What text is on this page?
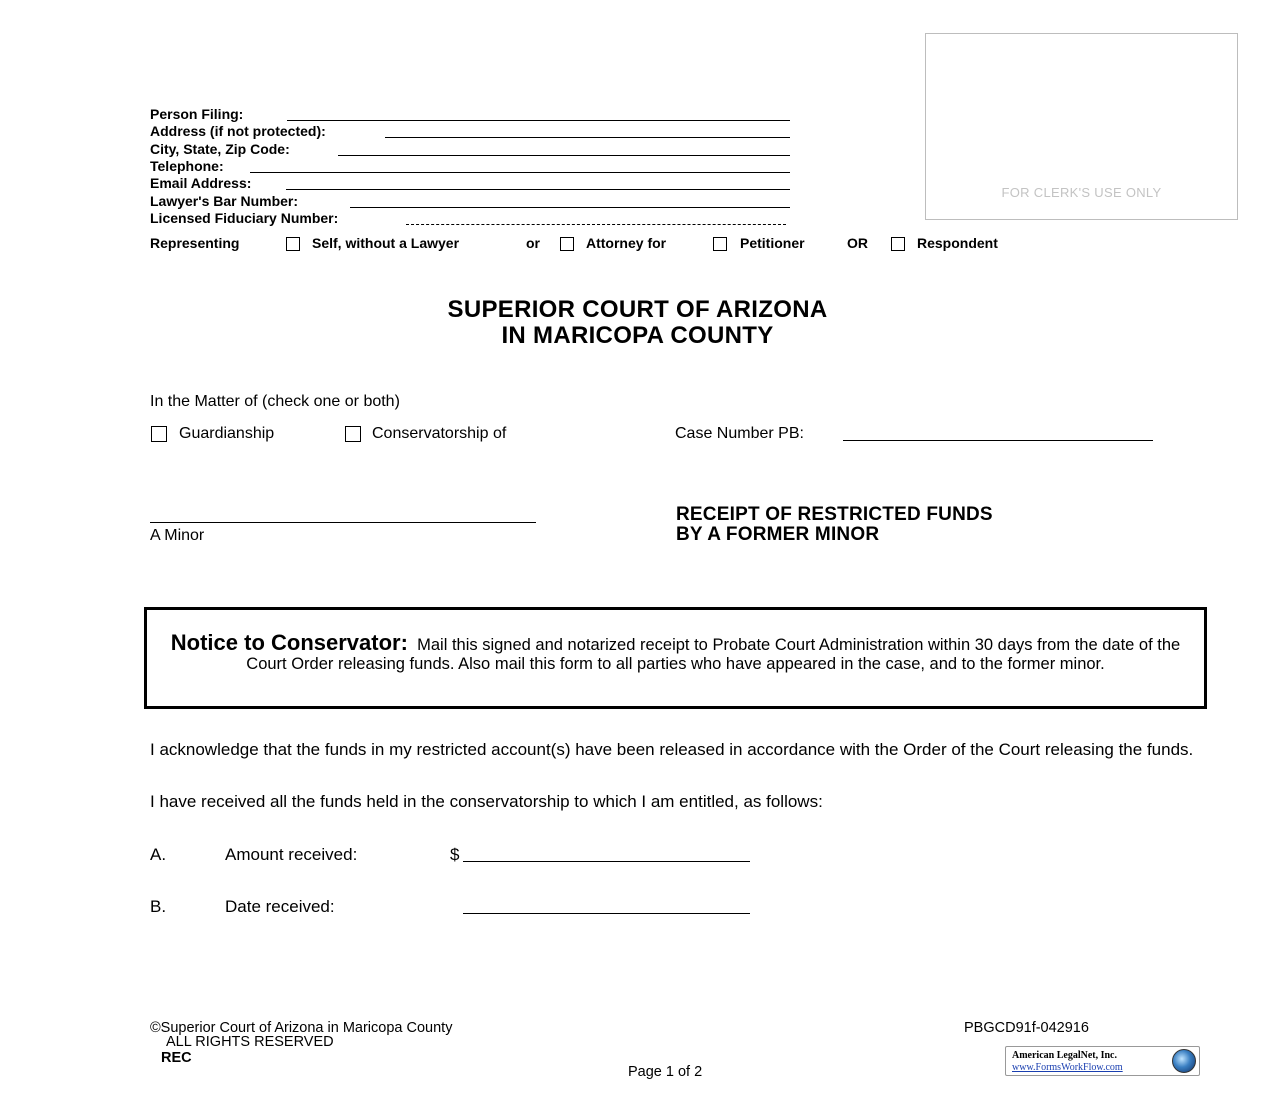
FOR CLERK'S USE ONLY
Person Filing:
Address (if not protected):
City, State, Zip Code:
Telephone:
Email Address:
Lawyer's Bar Number:
Licensed Fiduciary Number:
Representing	Self, without a Lawyer	or	Attorney for	Petitioner	OR	Respondent
SUPERIOR COURT OF ARIZONA
IN MARICOPA COUNTY
In the Matter of (check one or both)
Guardianship	Conservatorship of	Case Number PB:
A Minor
RECEIPT OF RESTRICTED FUNDS
BY A FORMER MINOR
Notice to Conservator: Mail this signed and notarized receipt to Probate Court Administration within 30 days from the date of the Court Order releasing funds. Also mail this form to all parties who have appeared in the case, and to the former minor.
I acknowledge that the funds in my restricted account(s) have been released in accordance with the Order of the Court releasing the funds.
I have received all the funds held in the conservatorship to which I am entitled, as follows:
A.	Amount received:	$
B.	Date received:
©Superior Court of Arizona in Maricopa County
ALL RIGHTS RESERVED
REC
PBGCD91f-042916
Page 1 of 2
American LegalNet, Inc.
www.FormsWorkFlow.com
